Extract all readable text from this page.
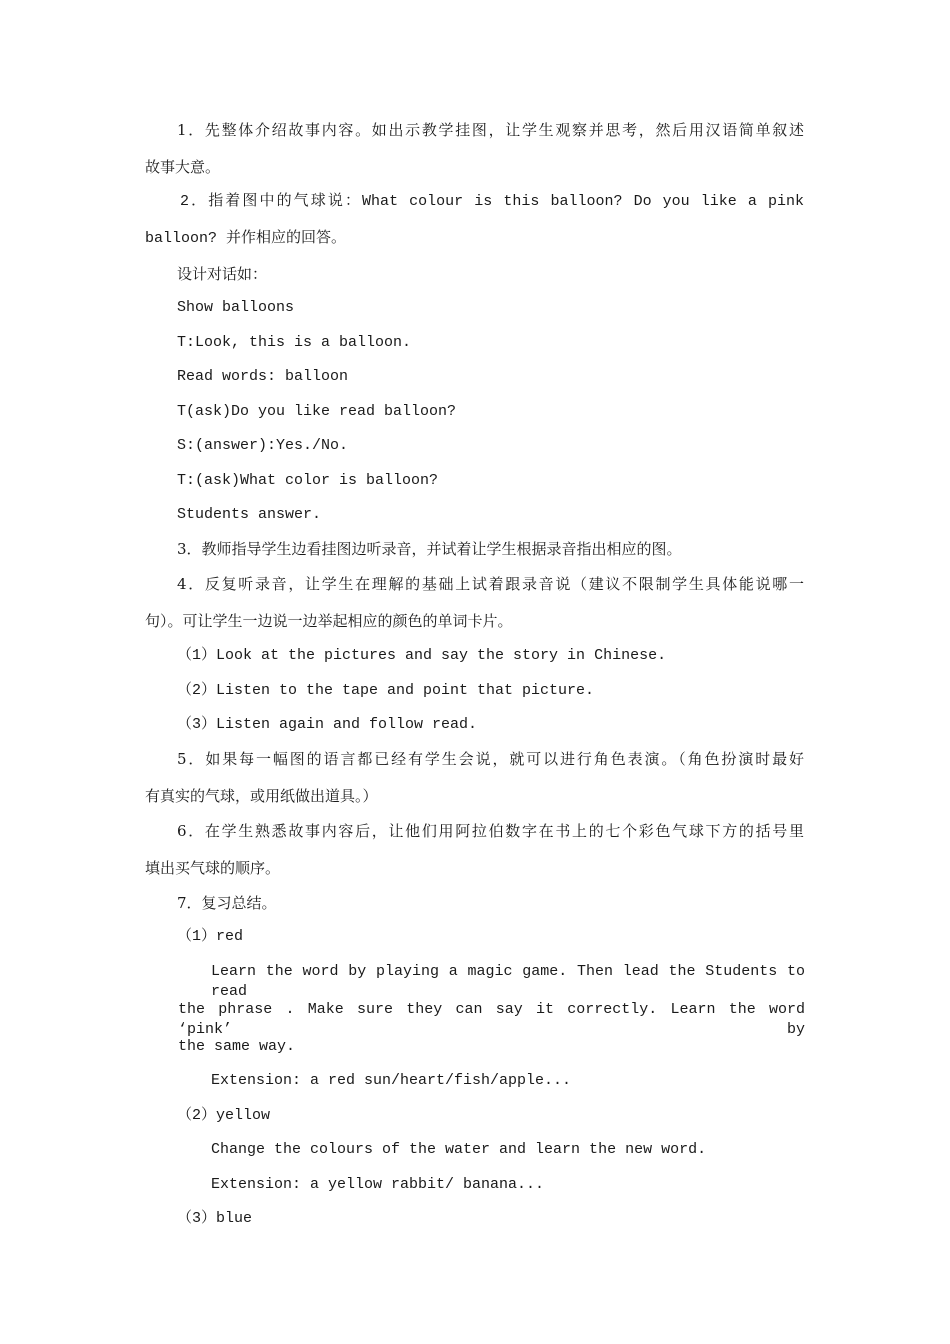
1．先整体介绍故事内容。如出示教学挂图，让学生观察并思考，然后用汉语简单叙述
故事大意。
2．指着图中的气球说：What colour is this balloon? Do you like a pink
balloon? 并作相应的回答。
设计对话如：
Show balloons
T:Look, this is a balloon.
Read words: balloon
T(ask)Do you like read balloon?
S:(answer):Yes./No.
T:(ask)What color is balloon?
Students answer.
3．教师指导学生边看挂图边听录音，并试着让学生根据录音指出相应的图。
4．反复听录音，让学生在理解的基础上试着跟录音说（建议不限制学生具体能说哪一
句）。可让学生一边说一边举起相应的颜色的单词卡片。
（1）Look at the pictures and say the story in Chinese.
（2）Listen to the tape and point that picture.
（3）Listen again and follow read.
5．如果每一幅图的语言都已经有学生会说，就可以进行角色表演。（角色扮演时最好
有真实的气球，或用纸做出道具。）
6．在学生熟悉故事内容后，让他们用阿拉伯数字在书上的七个彩色气球下方的括号里
填出买气球的顺序。
7．复习总结。
（1）red
Learn the word by playing a magic game. Then lead the Students to read
the phrase . Make sure they can say it correctly. Learn the word ‘pink’ by
the same way.
Extension: a red sun/heart/fish/apple...
（2）yellow
Change the colours of the water and learn the new word.
Extension: a yellow rabbit/ banana...
（3）blue
